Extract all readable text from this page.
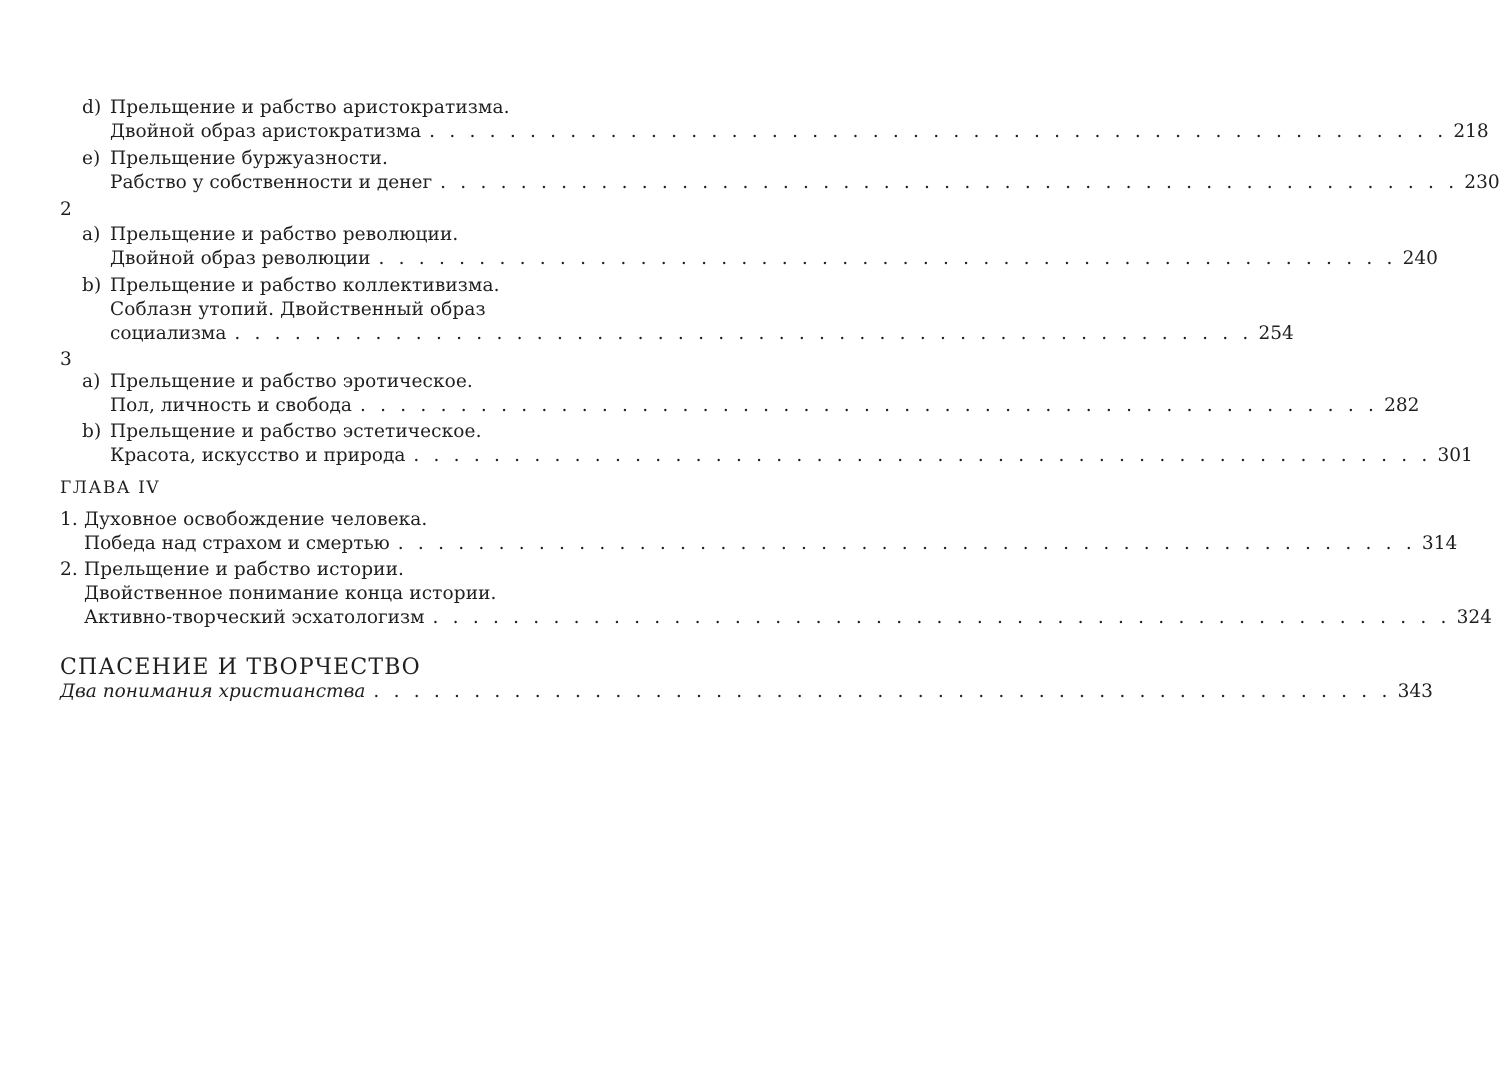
d) Прельщение и рабство аристократизма.
Двойной образ аристократизма . . . . . . . . . . . . . . . . . . . . . . . . . . . . . . . . . . . . . . . . . . . . . . . . . . . 218
e) Прельщение буржуазности.
Рабство у собственности и денег . . . . . . . . . . . . . . . . . . . . . . . . . . . . . . . . . . . . . . . . . . . . . . . . . . . 230
2
a) Прельщение и рабство революции.
Двойной образ революции . . . . . . . . . . . . . . . . . . . . . . . . . . . . . . . . . . . . . . . . . . . . . . . . . . . 240
b) Прельщение и рабство коллективизма.
Соблазн утопий. Двойственный образ
социализма . . . . . . . . . . . . . . . . . . . . . . . . . . . . . . . . . . . . . . . . . . . . . . . . . . . 254
3
a) Прельщение и рабство эротическое.
Пол, личность и свобода . . . . . . . . . . . . . . . . . . . . . . . . . . . . . . . . . . . . . . . . . . . . . . . . . . . 282
b) Прельщение и рабство эстетическое.
Красота, искусство и природа . . . . . . . . . . . . . . . . . . . . . . . . . . . . . . . . . . . . . . . . . . . . . . . . . . . 301
ГЛАВА IV
1. Духовное освобождение человека.
Победа над страхом и смертью . . . . . . . . . . . . . . . . . . . . . . . . . . . . . . . . . . . . . . . . . . . . . . . . . . . 314
2. Прельщение и рабство истории.
Двойственное понимание конца истории.
Активно-творческий эсхатологизм . . . . . . . . . . . . . . . . . . . . . . . . . . . . . . . . . . . . . . . . . . . . . . . . . . . 324
СПАСЕНИЕ И ТВОРЧЕСТВО
Два понимания христианства . . . . . . . . . . . . . . . . . . . . . . . . . . . . . . . . . . . . . . . . . . . . . . . . . . . 343
